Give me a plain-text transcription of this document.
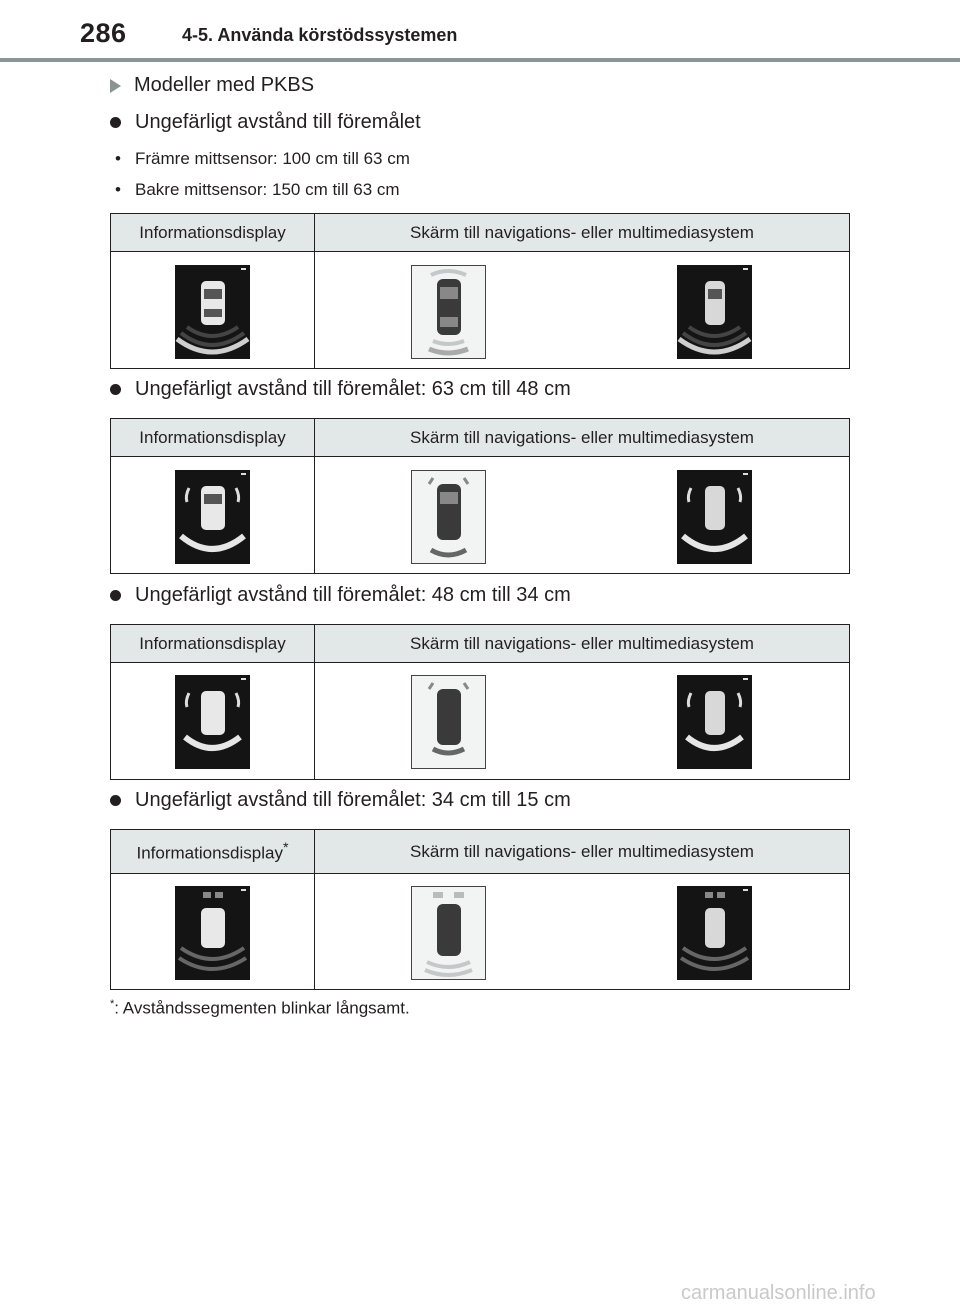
286	4-5. Använda körstödssystemen
Modeller med PKBS
Ungefärligt avstånd till föremålet
• Främre mittsensor: 100 cm till 63 cm
• Bakre mittsensor: 150 cm till 63 cm
Informationsdisplay	Skärm till navigations- eller multimediasystem

Ungefärligt avstånd till föremålet: 63 cm till 48 cm
Informationsdisplay	Skärm till navigations- eller multimediasystem

Ungefärligt avstånd till föremålet: 48 cm till 34 cm
Informationsdisplay	Skärm till navigations- eller multimediasystem

Ungefärligt avstånd till föremålet: 34 cm till 15 cm
Informationsdisplay*	Skärm till navigations- eller multimediasystem

*: Avståndssegmenten blinkar långsamt.
carmanualsonline.info
